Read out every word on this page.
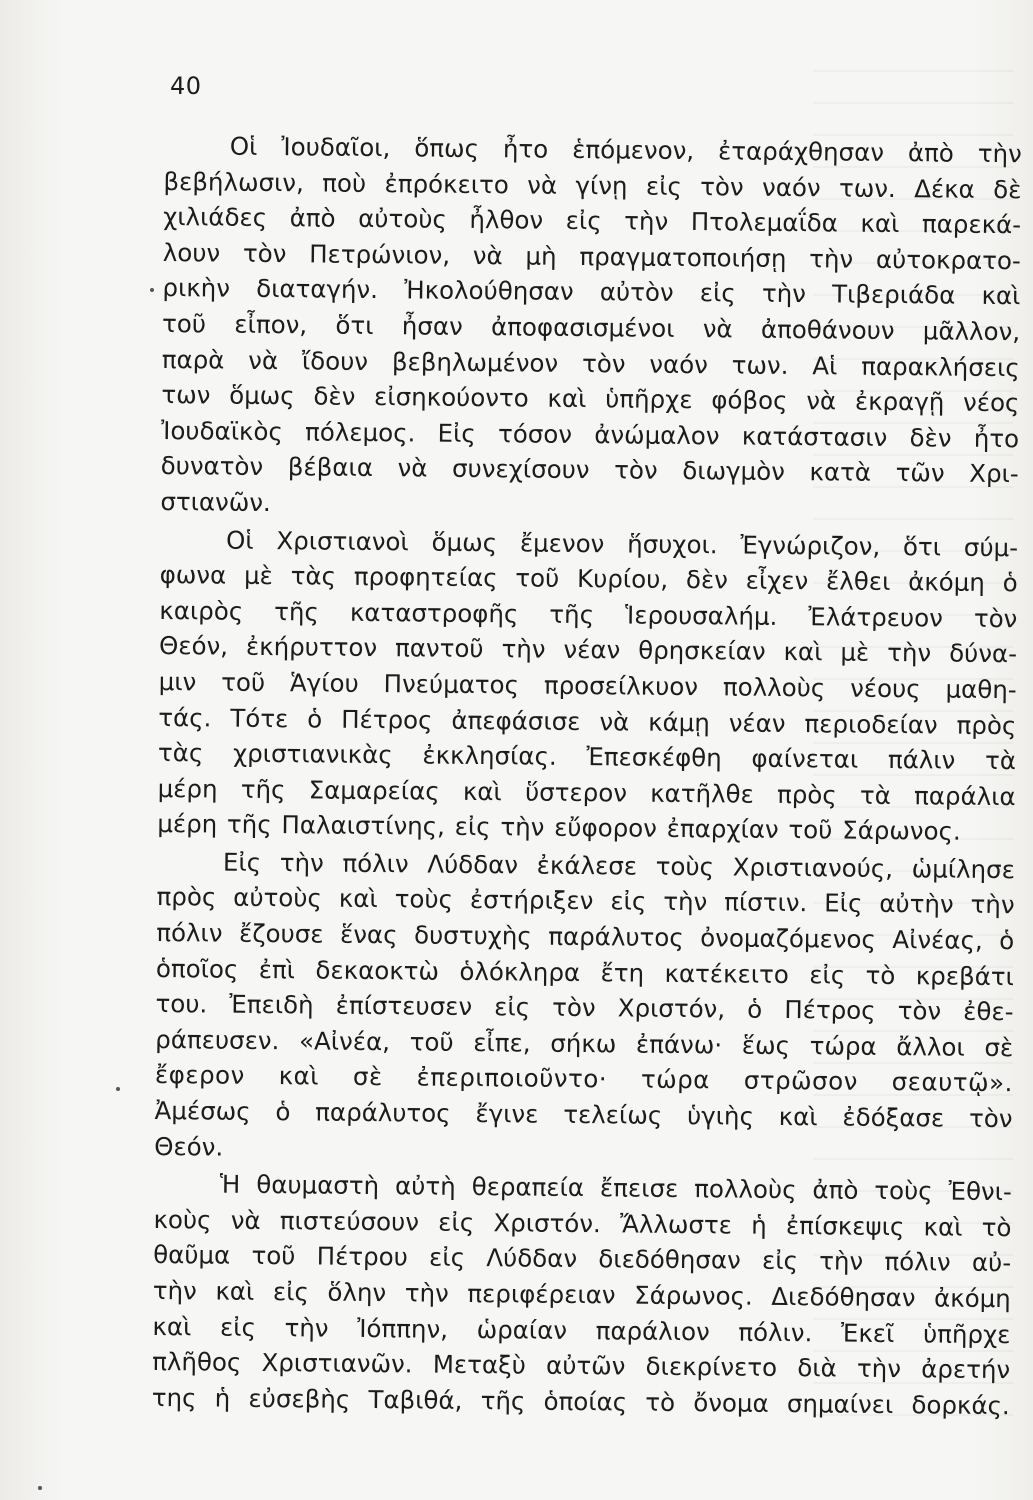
40

Οἱ Ἰουδαῖοι, ὅπως ἦτο ἑπόμενον, ἐταράχθησαν ἀπὸ τὴν
βεβήλωσιν, ποὺ ἐπρόκειτο νὰ γίνῃ εἰς τὸν ναόν των. Δέκα δὲ
χιλιάδες ἀπὸ αὐτοὺς ἦλθον εἰς τὴν Πτολεμαΐδα καὶ παρεκά-
λουν τὸν Πετρώνιον, νὰ μὴ πραγματοποιήσῃ τὴν αὐτοκρατο-
ρικὴν διαταγήν. Ἠκολούθησαν αὐτὸν εἰς τὴν Τιβεριάδα καὶ
τοῦ εἶπον, ὅτι ἦσαν ἀποφασισμένοι νὰ ἀποθάνουν μᾶλλον,
παρὰ νὰ ἴδουν βεβηλωμένον τὸν ναόν των. Αἱ παρακλήσεις
των ὅμως δὲν εἰσηκούοντο καὶ ὑπῆρχε φόβος νὰ ἐκραγῇ νέος
Ἰουδαϊκὸς πόλεμος. Εἰς τόσον ἀνώμαλον κατάστασιν δὲν ἦτο
δυνατὸν βέβαια νὰ συνεχίσουν τὸν διωγμὸν κατὰ τῶν Χρι-
στιανῶν.

Οἱ Χριστιανοὶ ὅμως ἔμενον ἥσυχοι. Ἐγνώριζον, ὅτι σύμ-
φωνα μὲ τὰς προφητείας τοῦ Κυρίου, δὲν εἶχεν ἔλθει ἀκόμη ὁ
καιρὸς τῆς καταστροφῆς τῆς Ἱερουσαλήμ. Ἐλάτρευον τὸν
Θεόν, ἐκήρυττον παντοῦ τὴν νέαν θρησκείαν καὶ μὲ τὴν δύνα-
μιν τοῦ Ἁγίου Πνεύματος προσείλκυον πολλοὺς νέους μαθη-
τάς. Τότε ὁ Πέτρος ἀπεφάσισε νὰ κάμῃ νέαν περιοδείαν πρὸς
τὰς χριστιανικὰς ἐκκλησίας. Ἐπεσκέφθη φαίνεται πάλιν τὰ
μέρη τῆς Σαμαρείας καὶ ὕστερον κατῆλθε πρὸς τὰ παράλια
μέρη τῆς Παλαιστίνης, εἰς τὴν εὔφορον ἐπαρχίαν τοῦ Σάρωνος.

Εἰς τὴν πόλιν Λύδδαν ἐκάλεσε τοὺς Χριστιανούς, ὡμίλησε
πρὸς αὐτοὺς καὶ τοὺς ἐστήριξεν εἰς τὴν πίστιν. Εἰς αὐτὴν τὴν
πόλιν ἔζουσε ἕνας δυστυχὴς παράλυτος ὀνομαζόμενος Αἰνέας, ὁ
ὁποῖος ἐπὶ δεκαοκτὼ ὁλόκληρα ἔτη κατέκειτο εἰς τὸ κρεβάτι
του. Ἐπειδὴ ἐπίστευσεν εἰς τὸν Χριστόν, ὁ Πέτρος τὸν ἐθε-
ράπευσεν. «Αἰνέα, τοῦ εἶπε, σήκω ἐπάνω· ἕως τώρα ἄλλοι σὲ
ἔφερον καὶ σὲ ἐπεριποιοῦντο· τώρα στρῶσον σεαυτῷ».
Ἀμέσως ὁ παράλυτος ἔγινε τελείως ὑγιὴς καὶ ἐδόξασε τὸν
Θεόν.

Ἡ θαυμαστὴ αὐτὴ θεραπεία ἔπεισε πολλοὺς ἀπὸ τοὺς Ἐθνι-
κοὺς νὰ πιστεύσουν εἰς Χριστόν. Ἄλλωστε ἡ ἐπίσκεψις καὶ τὸ
θαῦμα τοῦ Πέτρου εἰς Λύδδαν διεδόθησαν εἰς τὴν πόλιν αὐ-
τὴν καὶ εἰς ὅλην τὴν περιφέρειαν Σάρωνος. Διεδόθησαν ἀκόμη
καὶ εἰς τὴν Ἰόππην, ὡραίαν παράλιον πόλιν. Ἐκεῖ ὑπῆρχε
πλῆθος Χριστιανῶν. Μεταξὺ αὐτῶν διεκρίνετο διὰ τὴν ἀρετήν
της ἡ εὐσεβὴς Ταβιθά, τῆς ὁποίας τὸ ὄνομα σημαίνει δορκάς.
